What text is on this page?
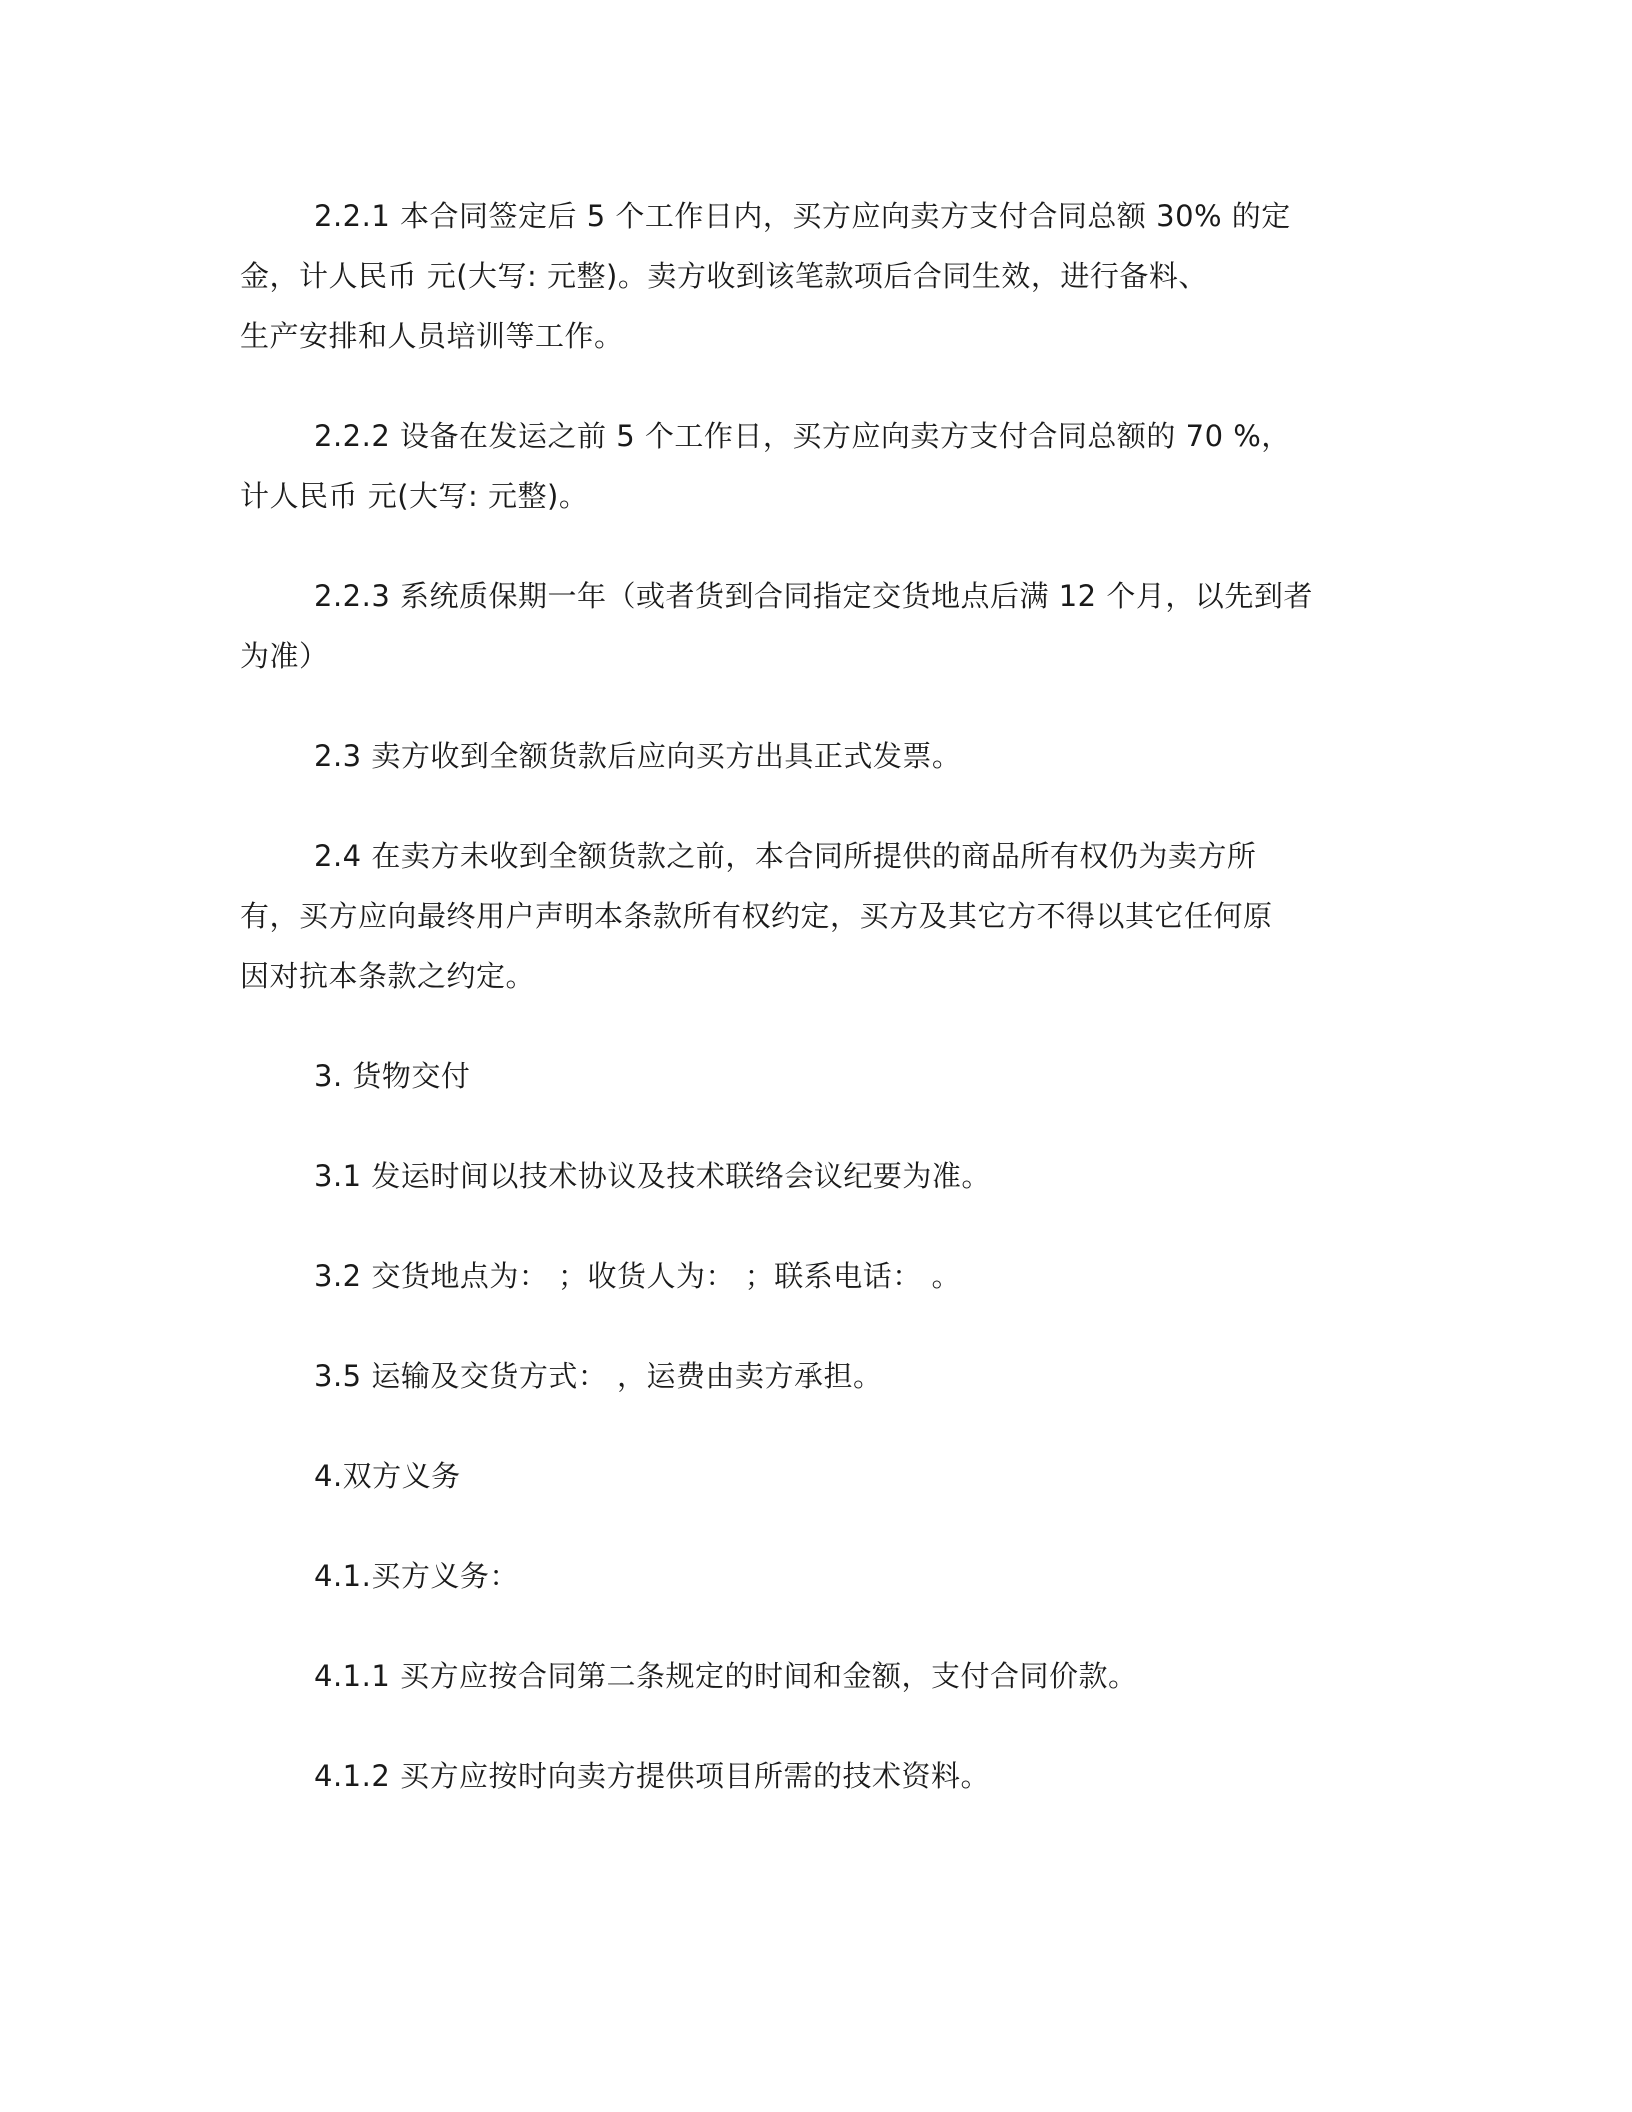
2.2.1 本合同签定后 5 个工作日内，买方应向卖方支付合同总额 30% 的定
金，计人民币 元(大写: 元整)。卖方收到该笔款项后合同生效，进行备料、
生产安排和人员培训等工作。
2.2.2 设备在发运之前 5 个工作日，买方应向卖方支付合同总额的 70 %，
计人民币 元(大写: 元整)。
2.2.3 系统质保期一年（或者货到合同指定交货地点后满 12 个月，以先到者
为准）
2.3 卖方收到全额货款后应向买方出具正式发票。
2.4 在卖方未收到全额货款之前，本合同所提供的商品所有权仍为卖方所
有，买方应向最终用户声明本条款所有权约定，买方及其它方不得以其它任何原
因对抗本条款之约定。
3. 货物交付
3.1 发运时间以技术协议及技术联络会议纪要为准。
3.2 交货地点为： ；收货人为： ；联系电话： 。
3.5 运输及交货方式： ，运费由卖方承担。
4.双方义务
4.1.买方义务：
4.1.1 买方应按合同第二条规定的时间和金额，支付合同价款。
4.1.2 买方应按时向卖方提供项目所需的技术资料。
